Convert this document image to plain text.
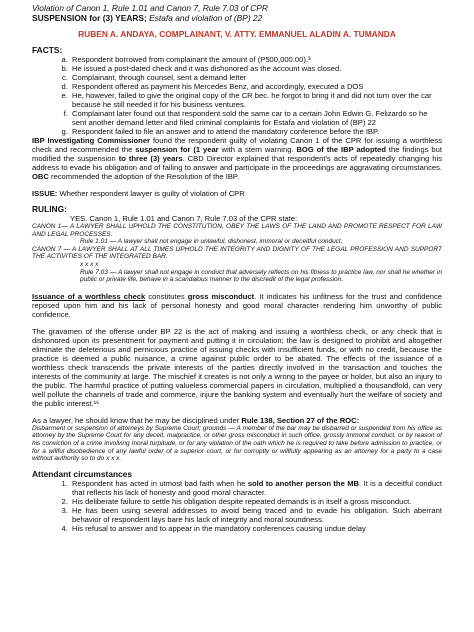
Violation of Canon 1, Rule 1.01 and Canon 7, Rule 7.03 of CPR

SUSPENSION for (3) YEARS; Estafa and violation of (BP) 22

RUBEN A. ANDAYA, COMPLAINANT, V. ATTY. EMMANUEL ALADIN A. TUMANDA

FACTS:

a. Respondent borrowed from complainant the amount of (P500,000.00).³
b. He issued a post-dated check and it was dishonored as the account was closed.
c. Complainant, through counsel, sent a demand letter
d. Respondent offered as payment his Mercedes Benz, and accordingly, executed a DOS
e. He, however, failed to give the original copy of the CR bec. he forgot to bring it and did not turn over the car because he still needed it for his business ventures.
f. Complainant later found out that respondent sold the same car to a certain John Edwin G. Felizardo so he sent another demand letter and filed criminal complaints for Estafa and violation of (BP) 22
g. Respondent failed to file an answer and to attend the mandatory conference before the IBP.

IBP Investigating Commissioner found the respondent guilty of violating Canon 1 of the CPR for issuing a worthless check and recommended the suspension for (1 year with a stern warning. BOG of the IBP adopted the findings but modified the suspension to three (3) years. CBD Director explained that respondent's acts of repeatedly changing his address to evade his obligation and of failing to answer and participate in the proceedings are aggravating circumstances. OBC recommended the adoption of the Resolution of the IBP.

ISSUE: Whether respondent lawyer is guilty of violation of CPR

RULING:

YES. Canon 1, Rule 1.01 and Canon 7, Rule 7.03 of the CPR state:

CANON 1— A LAWYER SHALL UPHOLD THE CONSTITUTION, OBEY THE LAWS OF THE LAND AND PROMOTE RESPECT FOR LAW AND LEGAL PROCESSES.

Rule 1.01 — A lawyer shall not engage in unlawful, dishonest, immoral or deceitful conduct.

CANON 7 — A LAWYER SHALL AT ALL TIMES UPHOLD THE INTEGRITY AND DIGNITY OF THE LEGAL PROFESSION AND SUPPORT THE ACTIVITIES OF THE INTEGRATED BAR.

x x x x

Rule 7.03 — A lawyer shall not engage in conduct that adversely reflects on his fitness to practice law, nor shall he whether in public or private life, behave in a scandalous manner to the discredit of the legal profession.

Issuance of a worthless check constitutes gross misconduct. It indicates his unfitness for the trust and confidence reposed upon him and his lack of personal honesty and good moral character rendering him unworthy of public confidence.

The gravamen of the offense under BP 22 is the act of making and issuing a worthless check, or any check that is dishonored upon its presentment for payment and putting it in circulation; the law is designed to prohibit and altogether eliminate the deleterious and pernicious practice of issuing checks with insufficient funds, or with no credit, because the practice is deemed a public nuisance, a crime against public order to be abated. The effects of the issuance of a worthless check transcends the private interests of the parties directly involved in the transaction and touches the interests of the community at large. The mischief it creates is not only a wrong to the payee or holder, but also an injury to the public. The harmful practice of putting valueless commercial papers in circulation, multiplied a thousandfold, can very well pollute the channels of trade and commerce, injure the banking system and eventually hurt the welfare of society and the public interest.¹⁶

As a lawyer, he should know that he may be disciplined under Rule 138, Section 27 of the ROC:

Disbarment or suspension of attorneys by Supreme Court; grounds — A member of the bar may be disbarred or suspended from his office as attorney by the Supreme Court for any deceit, malpractice, or other gross misconduct in such office, grossly immoral conduct, or by reason of his conviction of a crime involving moral turpitude, or for any violation of the oath which he is required to take before admission to practice, or for a willful disobedience of any lawful order of a superior court, or for corruptly or willfully appearing as an attorney for a party to a case without authority so to do x x x.

Attendant circumstances

1. Respondent has acted in utmost bad faith when he sold to another person the MB. It is a deceitful conduct that reflects his lack of honesty and good moral character.
2. His deliberate failure to settle his obligation despite repeated demands is in itself a gross misconduct.
3. He has been using several addresses to avoid being traced and to evade his obligation. Such aberrant behavior of respondent lays bare his lack of integrity and moral soundness.
4. His refusal to answer and to appear in the mandatory conferences causing undue delay
